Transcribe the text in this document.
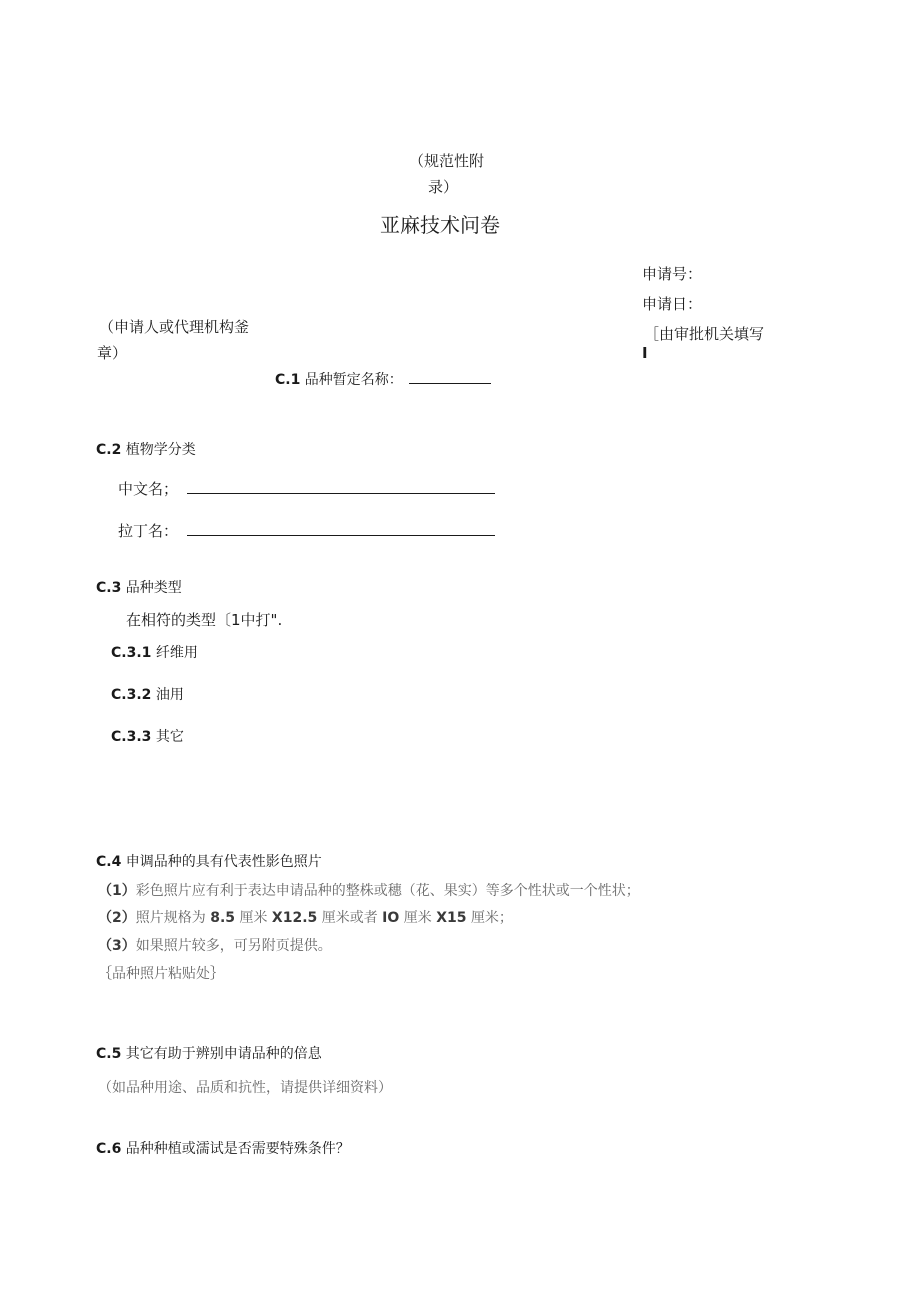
（规范性附
录）
亚麻技术问卷
申请号：
申请日：
［由审批机关填写
I
（申请人或代理机构釜
章）
C.1 品种暂定名称：
C.2 植物学分类
中文名；
拉丁名：
C.3 品种类型
在相符的类型〔1中打".
C.3.1 纤维用
C.3.2 油用
C.3.3 其它
C.4 申调品种的具有代表性影色照片
（1）彩色照片应有利于表达申请品种的整株或穗（花、果实）等多个性状或一个性状；
（2）照片规格为 8.5 厘米 X12.5 厘米或者 IO 厘米 X15 厘米；
（3）如果照片较多，可另附页提供。
｛品种照片粘贴处｝
C.5 其它有助于辨别申请品种的倍息
（如品种用途、品质和抗性，请提供详细资料）
C.6 品种种植或濡试是否需要特殊条件？
